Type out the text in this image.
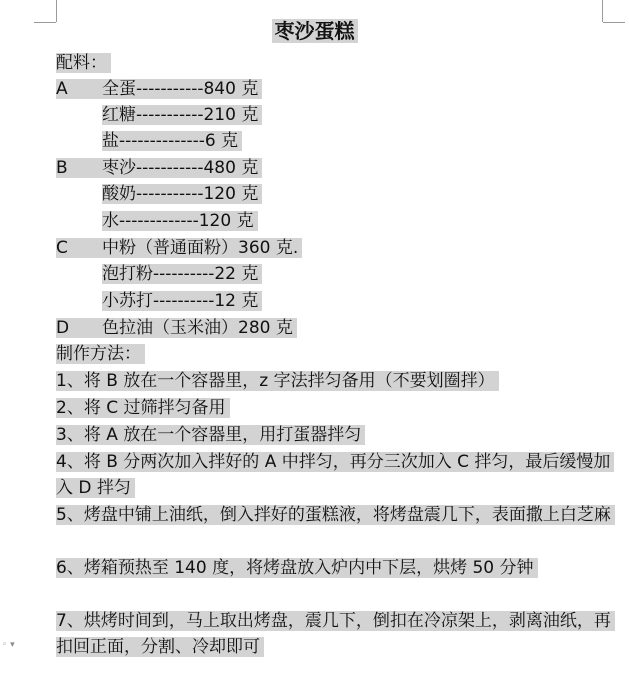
枣沙蛋糕
配料：
A 全蛋-----------840 克
红糖-----------210 克
盐--------------6 克
B 枣沙-----------480 克
酸奶-----------120 克
水-------------120 克
C 中粉（普通面粉）360 克.
泡打粉----------22 克
小苏打----------12 克
D 色拉油（玉米油）280 克
制作方法：
1、将 B 放在一个容器里，z 字法拌匀备用（不要划圈拌）
2、将 C 过筛拌匀备用
3、将 A 放在一个容器里，用打蛋器拌匀
4、将 B 分两次加入拌好的 A 中拌匀，再分三次加入 C 拌匀，最后缓慢加入 D 拌匀
5、烤盘中铺上油纸，倒入拌好的蛋糕液，将烤盘震几下，表面撒上白芝麻
6、烤箱预热至 140 度，将烤盘放入炉内中下层，烘烤 50 分钟
7、烘烤时间到，马上取出烤盘，震几下，倒扣在冷凉架上，剥离油纸，再扣回正面，分割、冷却即可
◦ ▾
